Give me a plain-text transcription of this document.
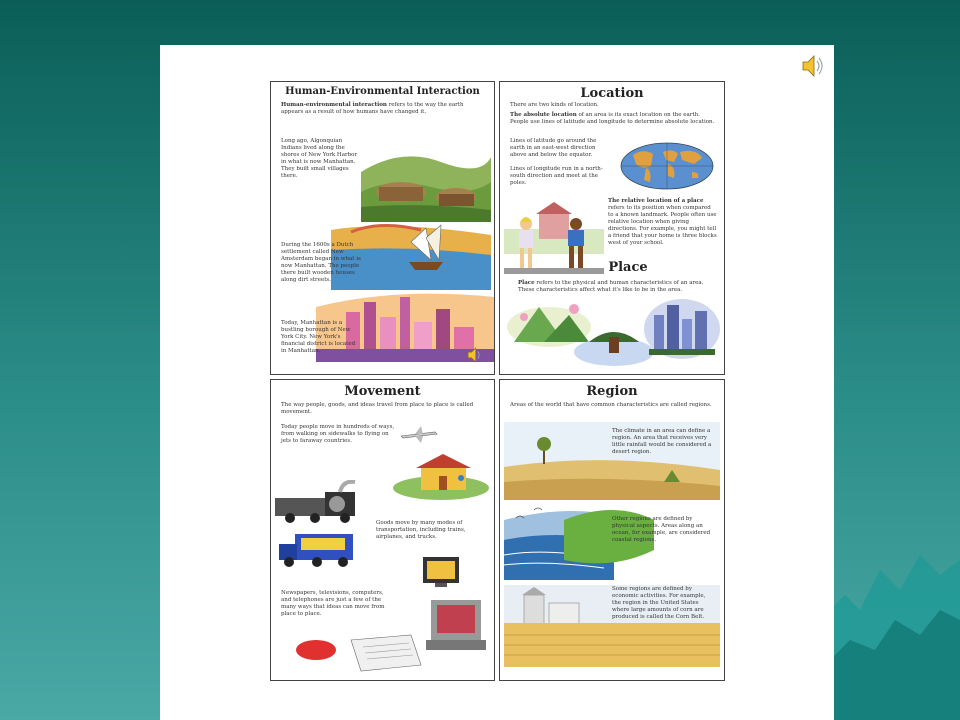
Human-Environmental Interaction
Human-environmental interaction refers to the way the earth appears as a result of how humans have changed it.
Long ago, Algonquian Indians lived along the shores of New York Harbor in what is now Manhattan. They built small villages there.
During the 1600s a Dutch settlement called New Amsterdam began in what is now Manhattan. The people there built wooden houses along dirt streets.
Today, Manhattan is a bustling borough of New York City. New York's financial district is located in Manhattan.
Location
There are two kinds of location.
The absolute location of an area is its exact location on the earth. People use lines of latitude and longitude to determine absolute location.
Lines of latitude go around the earth in an east-west direction above and below the equator.
Lines of longitude run in a north-south direction and meet at the poles.
The relative location of a place refers to its position when compared to a known landmark. People often use relative location when giving directions. For example, you might tell a friend that your home is three blocks west of your school.
Place
Place refers to the physical and human characteristics of an area. These characteristics affect what it's like to be in the area.
Movement
The way people, goods, and ideas travel from place to place is called movement.
Today people move in hundreds of ways, from walking on sidewalks to flying on jets to faraway countries.
Goods move by many modes of transportation, including trains, airplanes, and trucks.
Newspapers, televisions, computers, and telephones are just a few of the many ways that ideas can move from place to place.
Region
Areas of the world that have common characteristics are called regions.
The climate in an area can define a region. An area that receives very little rainfall would be considered a desert region.
Other regions are defined by physical aspects. Areas along an ocean, for example, are considered coastal regions.
Some regions are defined by economic activities. For example, the region in the United States where large amounts of corn are produced is called the Corn Belt.
